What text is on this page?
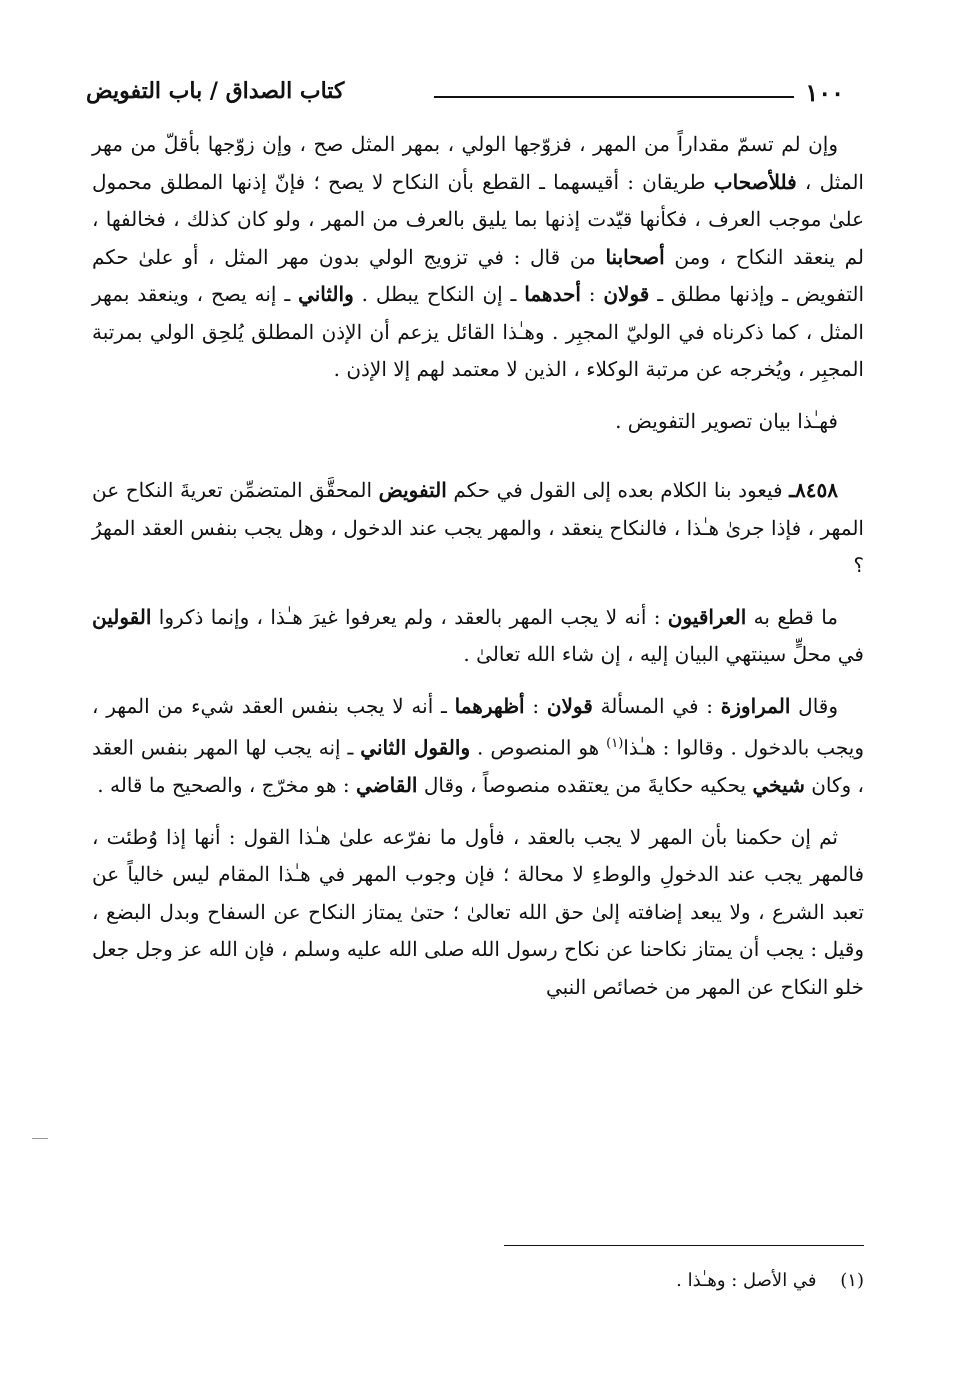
١٠٠
كتاب الصداق / باب التفويض

وإن لم تسمّ مقداراً من المهر ، فزوّجها الولي ، بمهر المثل صح ، وإن زوّجها بأقلّ من مهر المثل ، فللأصحاب طريقان : أقيسهما ـ القطع بأن النكاح لا يصح ؛ فإنّ إذنها المطلق محمول علىٰ موجب العرف ، فكأنها قيّدت إذنها بما يليق بالعرف من المهر ، ولو كان كذلك ، فخالفها ، لم ينعقد النكاح ، ومن أصحابنا من قال : في تزويج الولي بدون مهر المثل ، أو علىٰ حكم التفويض ـ وإذنها مطلق ـ قولان : أحدهما ـ إن النكاح يبطل . والثاني ـ إنه يصح ، وينعقد بمهر المثل ، كما ذكرناه في الوليّ المجبِر . وهـٰذا القائل يزعم أن الإذن المطلق يُلحِق الولي بمرتبة المجبِر ، ويُخرجه عن مرتبة الوكلاء ، الذين لا معتمد لهم إلا الإذن .

فهـٰذا بيان تصوير التفويض .

٨٤٥٨ـ فيعود بنا الكلام بعده إلى القول في حكم التفويض المحقَّق المتضمِّن تعريةَ النكاح عن المهر ، فإذا جرىٰ هـٰذا ، فالنكاح ينعقد ، والمهر يجب عند الدخول ، وهل يجب بنفس العقد المهرُ ؟

ما قطع به العراقيون : أنه لا يجب المهر بالعقد ، ولم يعرفوا غيرَ هـٰذا ، وإنما ذكروا القولين في محلٍّ سينتهي البيان إليه ، إن شاء الله تعالىٰ .

وقال المراوزة : في المسألة قولان : أظهرهما ـ أنه لا يجب بنفس العقد شيء من المهر ، ويجب بالدخول . وقالوا : هـٰذا$^{(١)}$ هو المنصوص . والقول الثاني ـ إنه يجب لها المهر بنفس العقد ، وكان شيخي يحكيه حكايةَ من يعتقده منصوصاً ، وقال القاضي : هو مخرّج ، والصحيح ما قاله .

ثم إن حكمنا بأن المهر لا يجب بالعقد ، فأول ما نفرّعه علىٰ هـٰذا القول : أنها إذا وُطئت ، فالمهر يجب عند الدخولِ والوطءِ لا محالة ؛ فإن وجوب المهر في هـٰذا المقام ليس خالياً عن تعبد الشرع ، ولا يبعد إضافته إلىٰ حق الله تعالىٰ ؛ حتىٰ يمتاز النكاح عن السفاح وبدل البضع ، وقيل : يجب أن يمتاز نكاحنا عن نكاح رسول الله صلى الله عليه وسلم ، فإن الله عز وجل جعل خلو النكاح عن المهر من خصائص النبي

(١) في الأصل : وهـٰذا .
